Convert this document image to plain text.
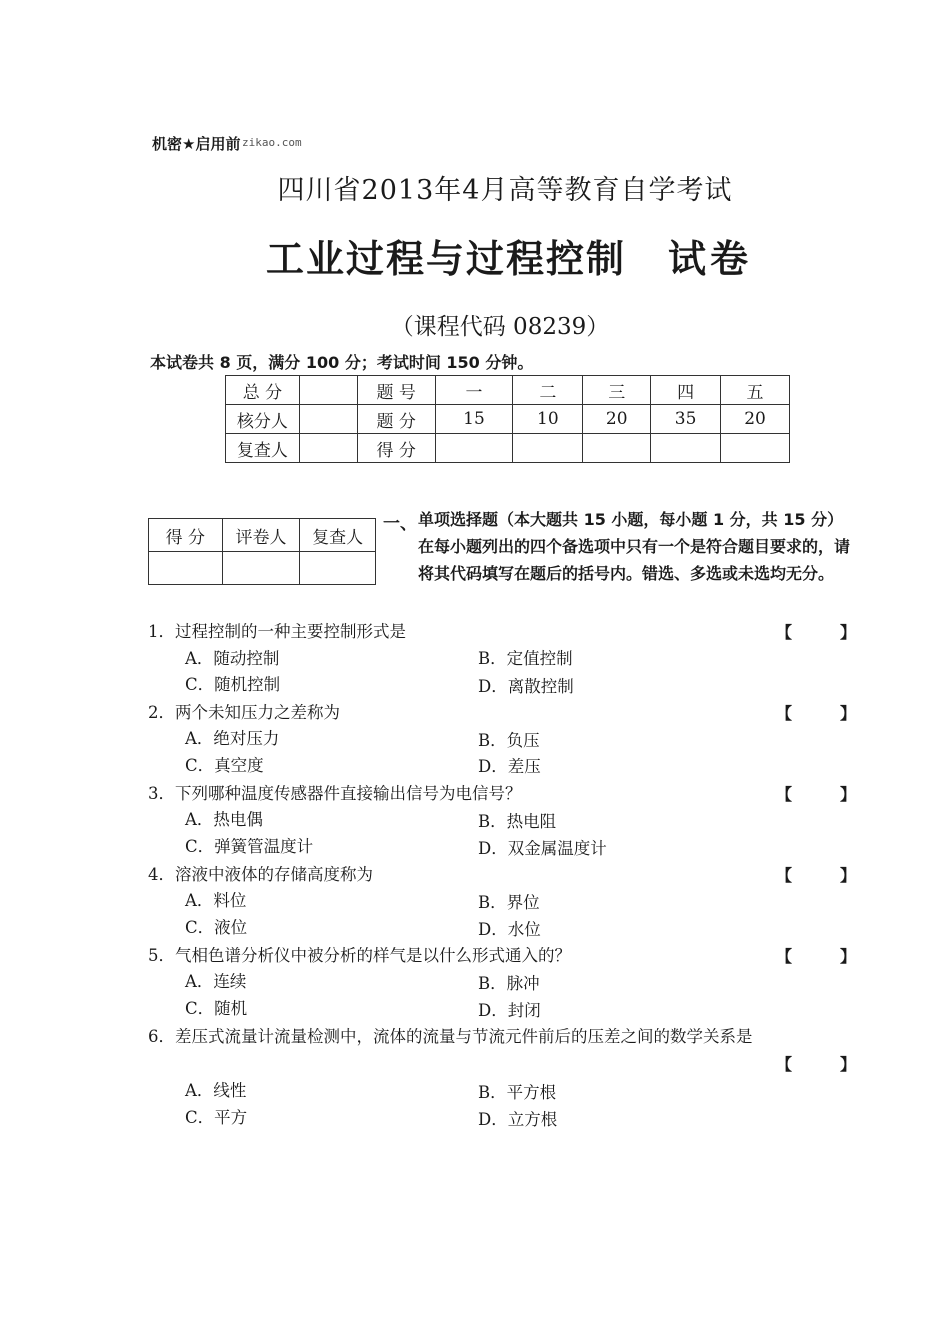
机密★启用前 zikao.com
四川省2013年4月高等教育自学考试
工业过程与过程控制 试卷
（课程代码 08239）
本试卷共 8 页，满分 100 分；考试时间 150 分钟。
总 分		题 号	一	二	三	四	五
核分人		题 分	15	10	20	35	20
复查人		得 分					
得 分	评卷人	复查人

一、 单项选择题（本大题共 15 小题，每小题 1 分，共 15 分）在每小题列出的四个备选项中只有一个是符合题目要求的，请将其代码填写在题后的括号内。错选、多选或未选均无分。
1．过程控制的一种主要控制形式是	【	】
A．随动控制	B．定值控制
C．随机控制	D．离散控制
2．两个未知压力之差称为	【	】
A．绝对压力	B．负压
C．真空度	D．差压
3．下列哪种温度传感器件直接输出信号为电信号？	【	】
A．热电偶	B．热电阻
C．弹簧管温度计	D．双金属温度计
4．溶液中液体的存储高度称为	【	】
A．料位	B．界位
C．液位	D．水位
5．气相色谱分析仪中被分析的样气是以什么形式通入的？	【	】
A．连续	B．脉冲
C．随机	D．封闭
6．差压式流量计流量检测中，流体的流量与节流元件前后的压差之间的数学关系是
【	】
A．线性	B．平方根
C．平方	D．立方根
